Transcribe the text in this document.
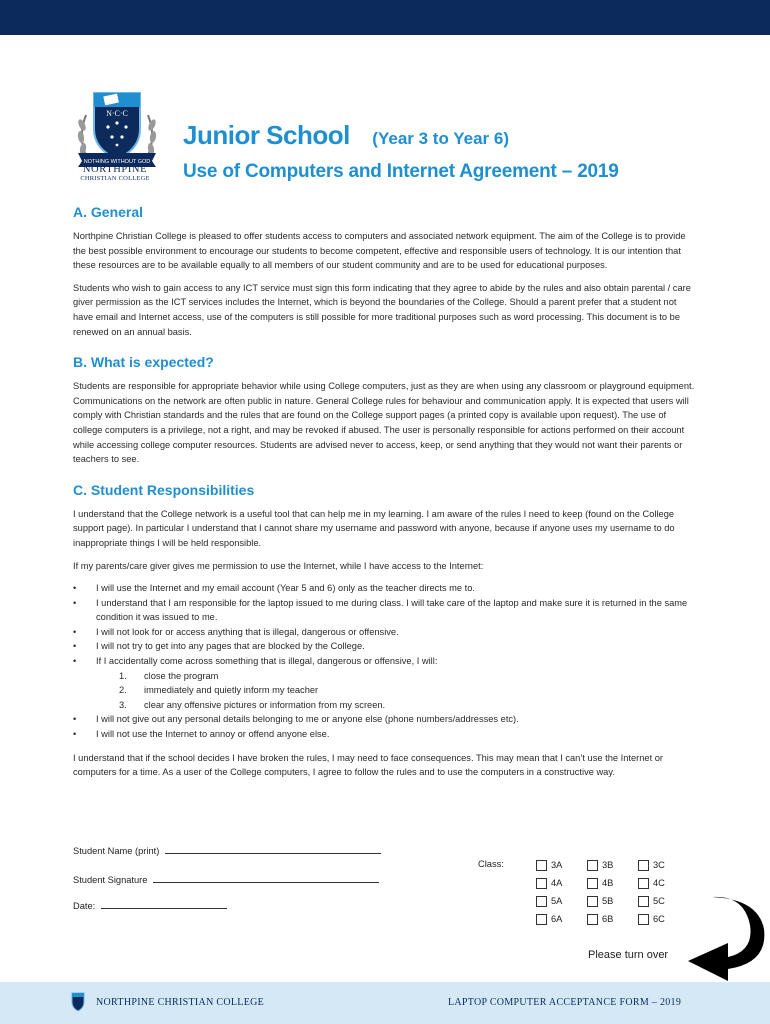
N·C·C
NOTHING WITHOUT GOD
NORTHPINE
CHRISTIAN COLLEGE
Junior School (Year 3 to Year 6)
Use of Computers and Internet Agreement – 2019
A. General

Northpine Christian College is pleased to offer students access to computers and associated network equipment. The aim of the College is to provide the best possible environment to encourage our students to become competent, effective and responsible users of technology. It is our intention that these resources are to be available equally to all members of our student community and are to be used for educational purposes.

Students who wish to gain access to any ICT service must sign this form indicating that they agree to abide by the rules and also obtain parental / care giver permission as the ICT services includes the Internet, which is beyond the boundaries of the College. Should a parent prefer that a student not have email and Internet access, use of the computers is still possible for more traditional purposes such as word processing. This document is to be renewed on an annual basis.

B. What is expected?

Students are responsible for appropriate behavior while using College computers, just as they are when using any classroom or playground equipment. Communications on the network are often public in nature. General College rules for behaviour and communication apply. It is expected that users will comply with Christian standards and the rules that are found on the College support pages (a printed copy is available upon request). The use of college computers is a privilege, not a right, and may be revoked if abused. The user is personally responsible for actions performed on their account while accessing college computer resources. Students are advised never to access, keep, or send anything that they would not want their parents or teachers to see.

C. Student Responsibilities

I understand that the College network is a useful tool that can help me in my learning. I am aware of the rules I need to keep (found on the College support page). In particular I understand that I cannot share my username and password with anyone, because if anyone uses my username to do inappropriate things I will be held responsible.

If my parents/care giver gives me permission to use the Internet, while I have access to the Internet:

• I will use the Internet and my email account (Year 5 and 6) only as the teacher directs me to.
• I understand that I am responsible for the laptop issued to me during class. I will take care of the laptop and make sure it is returned in the same condition it was issued to me.
• I will not look for or access anything that is illegal, dangerous or offensive.
• I will not try to get into any pages that are blocked by the College.
• If I accidentally come across something that is illegal, dangerous or offensive, I will:
1. close the program
2. immediately and quietly inform my teacher
3. clear any offensive pictures or information from my screen.
• I will not give out any personal details belonging to me or anyone else (phone numbers/addresses etc).
• I will not use the Internet to annoy or offend anyone else.

I understand that if the school decides I have broken the rules, I may need to face consequences. This may mean that I can’t use the Internet or computers for a time. As a user of the College computers, I agree to follow the rules and to use the computers in a constructive way.

Student Name (print)
Student Signature
Date:
Class:	3A	3B	3C
4A	4B	4C
5A	5B	5C
6A	6B	6C
Please turn over
NORTHPINE CHRISTIAN COLLEGE	LAPTOP COMPUTER ACCEPTANCE FORM – 2019
